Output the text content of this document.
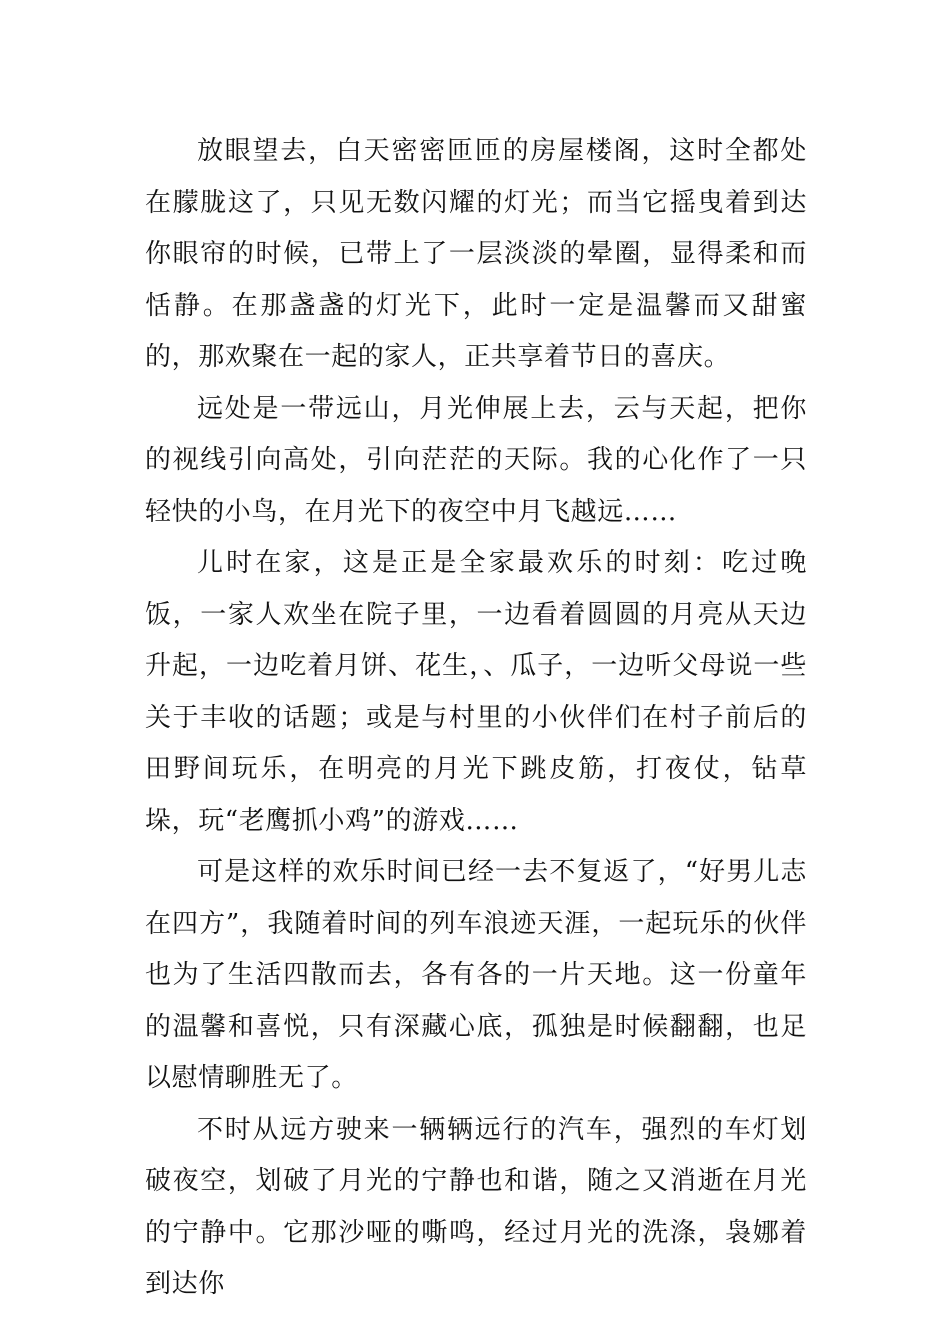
放眼望去，白天密密匝匝的房屋楼阁，这时全都处在朦胧这了，只见无数闪耀的灯光；而当它摇曳着到达你眼帘的时候，已带上了一层淡淡的晕圈，显得柔和而恬静。在那盏盏的灯光下，此时一定是温馨而又甜蜜的，那欢聚在一起的家人，正共享着节日的喜庆。

远处是一带远山，月光伸展上去，云与天起，把你的视线引向高处，引向茫茫的天际。我的心化作了一只轻快的小鸟，在月光下的夜空中月飞越远……

儿时在家，这是正是全家最欢乐的时刻：吃过晚饭，一家人欢坐在院子里，一边看着圆圆的月亮从天边升起，一边吃着月饼、花生，、瓜子，一边听父母说一些关于丰收的话题；或是与村里的小伙伴们在村子前后的田野间玩乐，在明亮的月光下跳皮筋，打夜仗，钻草垛，玩“老鹰抓小鸡”的游戏……

可是这样的欢乐时间已经一去不复返了，“好男儿志在四方”，我随着时间的列车浪迹天涯，一起玩乐的伙伴也为了生活四散而去，各有各的一片天地。这一份童年的温馨和喜悦，只有深藏心底，孤独是时候翻翻，也足以慰情聊胜无了。

不时从远方驶来一辆辆远行的汽车，强烈的车灯划破夜空，划破了月光的宁静也和谐，随之又消逝在月光的宁静中。它那沙哑的嘶鸣，经过月光的洗涤，袅娜着到达你
